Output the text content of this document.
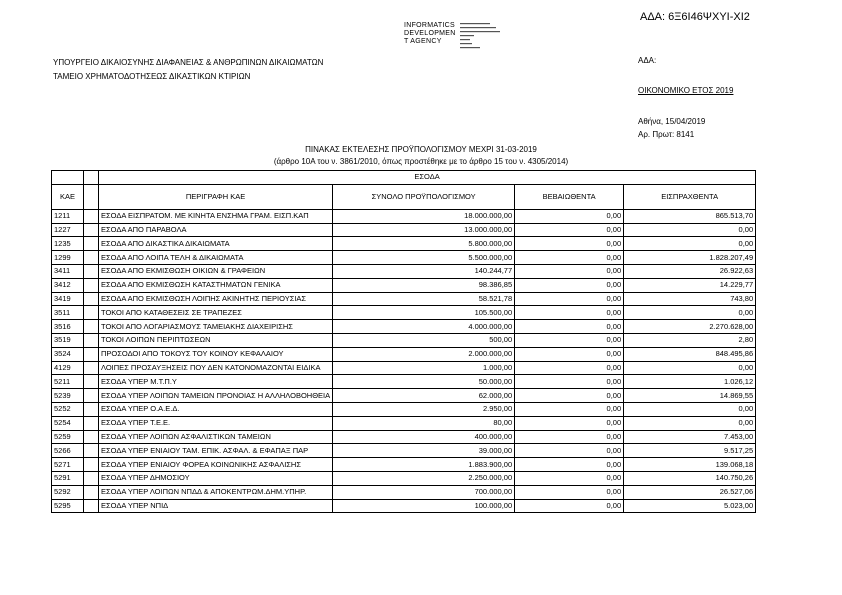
ΑΔΑ: 6Ξ6Ι46ΨΧΥΙ-ΧΙ2
INFORMATICS
DEVELOPMEN
T AGENCY
ΥΠΟΥΡΓΕΙΟ ΔΙΚΑΙΟΣΥΝΗΣ ΔΙΑΦΑΝΕΙΑΣ & ΑΝΘΡΩΠΙΝΩΝ ΔΙΚΑΙΩΜΑΤΩΝ
ΤΑΜΕΙΟ ΧΡΗΜΑΤΟΔΟΤΗΣΕΩΣ ΔΙΚΑΣΤΙΚΩΝ ΚΤΙΡΙΩΝ
ΑΔΑ:
ΟΙΚΟΝΟΜΙΚΟ ΕΤΟΣ 2019
Αθήνα, 15/04/2019
Αρ. Πρωτ: 8141
ΠΙΝΑΚΑΣ ΕΚΤΕΛΕΣΗΣ ΠΡΟΫΠΟΛΟΓΙΣΜΟΥ ΜΕΧΡΙ 31-03-2019
(άρθρο 10Α του ν. 3861/2010, όπως προστέθηκε με το άρθρο 15 του ν. 4305/2014)
		ΕΣΟΔΑ			
ΚΑΕ		ΠΕΡΙΓΡΑΦΗ ΚΑΕ	ΣΥΝΟΛΟ ΠΡΟΫΠΟΛΟΓΙΣΜΟΥ	ΒΕΒΑΙΩΘΕΝΤΑ	ΕΙΣΠΡΑΧΘΕΝΤΑ
1211		ΕΣΟΔΑ ΕΙΣΠΡΑΤΟΜ. ΜΕ ΚΙΝΗΤΑ ΕΝΣΗΜΑ ΓΡΑΜ. ΕΙΣΠ.ΚΑΠ	18.000.000,00	0,00	865.513,70
1227		ΕΣΟΔΑ ΑΠΟ ΠΑΡΑΒΟΛΑ	13.000.000,00	0,00	0,00
1235		ΕΣΟΔΑ ΑΠΟ ΔΙΚΑΣΤΙΚΑ ΔΙΚΑΙΩΜΑΤΑ	5.800.000,00	0,00	0,00
1299		ΕΣΟΔΑ ΑΠΟ ΛΟΙΠΑ ΤΕΛΗ & ΔΙΚΑΙΩΜΑΤΑ	5.500.000,00	0,00	1.828.207,49
3411		ΕΣΟΔΑ ΑΠΟ ΕΚΜΙΣΘΩΣΗ ΟΙΚΙΩΝ & ΓΡΑΦΕΙΩΝ	140.244,77	0,00	26.922,63
3412		ΕΣΟΔΑ ΑΠΟ ΕΚΜΙΣΘΩΣΗ ΚΑΤΑΣΤΗΜΑΤΩΝ ΓΕΝΙΚΑ	98.386,85	0,00	14.229,77
3419		ΕΣΟΔΑ ΑΠΟ ΕΚΜΙΣΘΩΣΗ ΛΟΙΠΗΣ ΑΚΙΝΗΤΗΣ ΠΕΡΙΟΥΣΙΑΣ	58.521,78	0,00	743,80
3511		ΤΟΚΟΙ ΑΠΟ ΚΑΤΑΘΕΣΕΙΣ ΣΕ ΤΡΑΠΕΖΕΣ	105.500,00	0,00	0,00
3516		ΤΟΚΟΙ ΑΠΟ ΛΟΓΑΡΙΑΣΜΟΥΣ ΤΑΜΕΙΑΚΗΣ ΔΙΑΧΕΙΡΙΣΗΣ	4.000.000,00	0,00	2.270.628,00
3519		ΤΟΚΟΙ ΛΟΙΠΩΝ ΠΕΡΙΠΤΩΣΕΩΝ	500,00	0,00	2,80
3524		ΠΡΟΣΟΔΟΙ ΑΠΟ ΤΟΚΟΥΣ ΤΟΥ ΚΟΙΝΟΥ ΚΕΦΑΛΑΙΟΥ	2.000.000,00	0,00	848.495,86
4129		ΛΟΙΠΕΣ ΠΡΟΣΑΥΞΗΣΕΙΣ ΠΟΥ ΔΕΝ ΚΑΤΟΝΟΜΑΖΟΝΤΑΙ ΕΙΔΙΚΑ	1.000,00	0,00	0,00
5211		ΕΣΟΔΑ ΥΠΕΡ Μ.Τ.Π.Υ	50.000,00	0,00	1.026,12
5239		ΕΣΟΔΑ ΥΠΕΡ ΛΟΙΠΩΝ ΤΑΜΕΙΩΝ ΠΡΟΝΟΙΑΣ Η ΑΛΛΗΛΟΒΟΗΘΕΙΑ	62.000,00	0,00	14.869,55
5252		ΕΣΟΔΑ ΥΠΕΡ Ο.Α.Ε.Δ.	2.950,00	0,00	0,00
5254		ΕΣΟΔΑ ΥΠΕΡ Τ.Ε.Ε.	80,00	0,00	0,00
5259		ΕΣΟΔΑ ΥΠΕΡ ΛΟΙΠΩΝ ΑΣΦΑΛΙΣΤΙΚΩΝ ΤΑΜΕΙΩΝ	400.000,00	0,00	7.453,00
5266		ΕΣΟΔΑ ΥΠΕΡ ΕΝΙΑΙΟΥ ΤΑΜ. ΕΠΙΚ. ΑΣΦΑΛ. & ΕΦΑΠΑΞ ΠΑΡ	39.000,00	0,00	9.517,25
5271		ΕΣΟΔΑ ΥΠΕΡ ΕΝΙΑΙΟΥ ΦΟΡΕΑ ΚΟΙΝΩΝΙΚΗΣ ΑΣΦΑΛΙΣΗΣ	1.883.900,00	0,00	139.068,18
5291		ΕΣΟΔΑ ΥΠΕΡ ΔΗΜΟΣΙΟΥ	2.250.000,00	0,00	140.750,26
5292		ΕΣΟΔΑ ΥΠΕΡ ΛΟΙΠΩΝ ΝΠΔΔ & ΑΠΟΚΕΝΤΡΩΜ.ΔΗΜ.ΥΠΗΡ.	700.000,00	0,00	26.527,06
5295		ΕΣΟΔΑ ΥΠΕΡ ΝΠΙΔ	100.000,00	0,00	5.023,00
